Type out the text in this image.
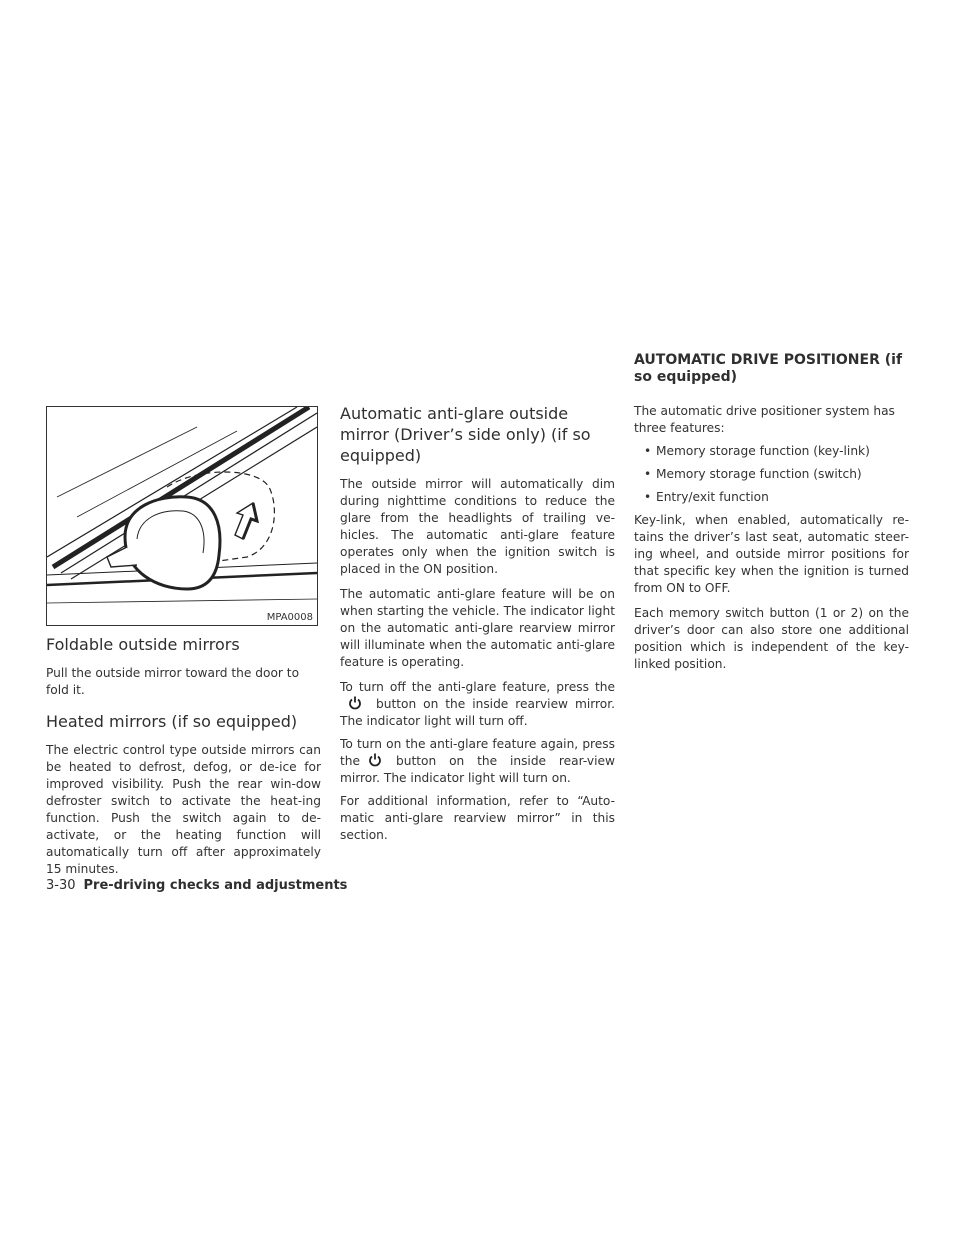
AUTOMATIC DRIVE POSITIONER (if so equipped)
MPA0008
Foldable outside mirrors

Pull the outside mirror toward the door to fold it.

Heated mirrors (if so equipped)

The electric control type outside mirrors can be heated to defrost, defog, or de-ice for improved visibility. Push the rear win-dow defroster switch to activate the heat-ing function. Push the switch again to de-activate, or the heating function will automatically turn off after approximately 15 minutes.

Automatic anti-glare outside mirror (Driver’s side only) (if so equipped)

The outside mirror will automatically dim during nighttime conditions to reduce the glare from the headlights of trailing ve-hicles. The automatic anti-glare feature operates only when the ignition switch is placed in the ON position.

The automatic anti-glare feature will be on when starting the vehicle. The indicator light on the automatic anti-glare rearview mirror will illuminate when the automatic anti-glare feature is operating.

To turn off the anti-glare feature, press thebutton on the inside rearview mirror. The indicator light will turn off.

To turn on the anti-glare feature again, press the	button on the inside rear-view mirror. The indicator light will turn on.

For additional information, refer to “Auto-matic anti-glare rearview mirror” in this section.

The automatic drive positioner system has three features:

• Memory storage function (key-link)
• Memory storage function (switch)
• Entry/exit function

Key-link, when enabled, automatically re-tains the driver’s last seat, automatic steer-ing wheel, and outside mirror positions for that specific key when the ignition is turned from ON to OFF.

Each memory switch button (1 or 2) on the driver’s door can also store one additional position which is independent of the key-linked position.

3-30 Pre-driving checks and adjustments
